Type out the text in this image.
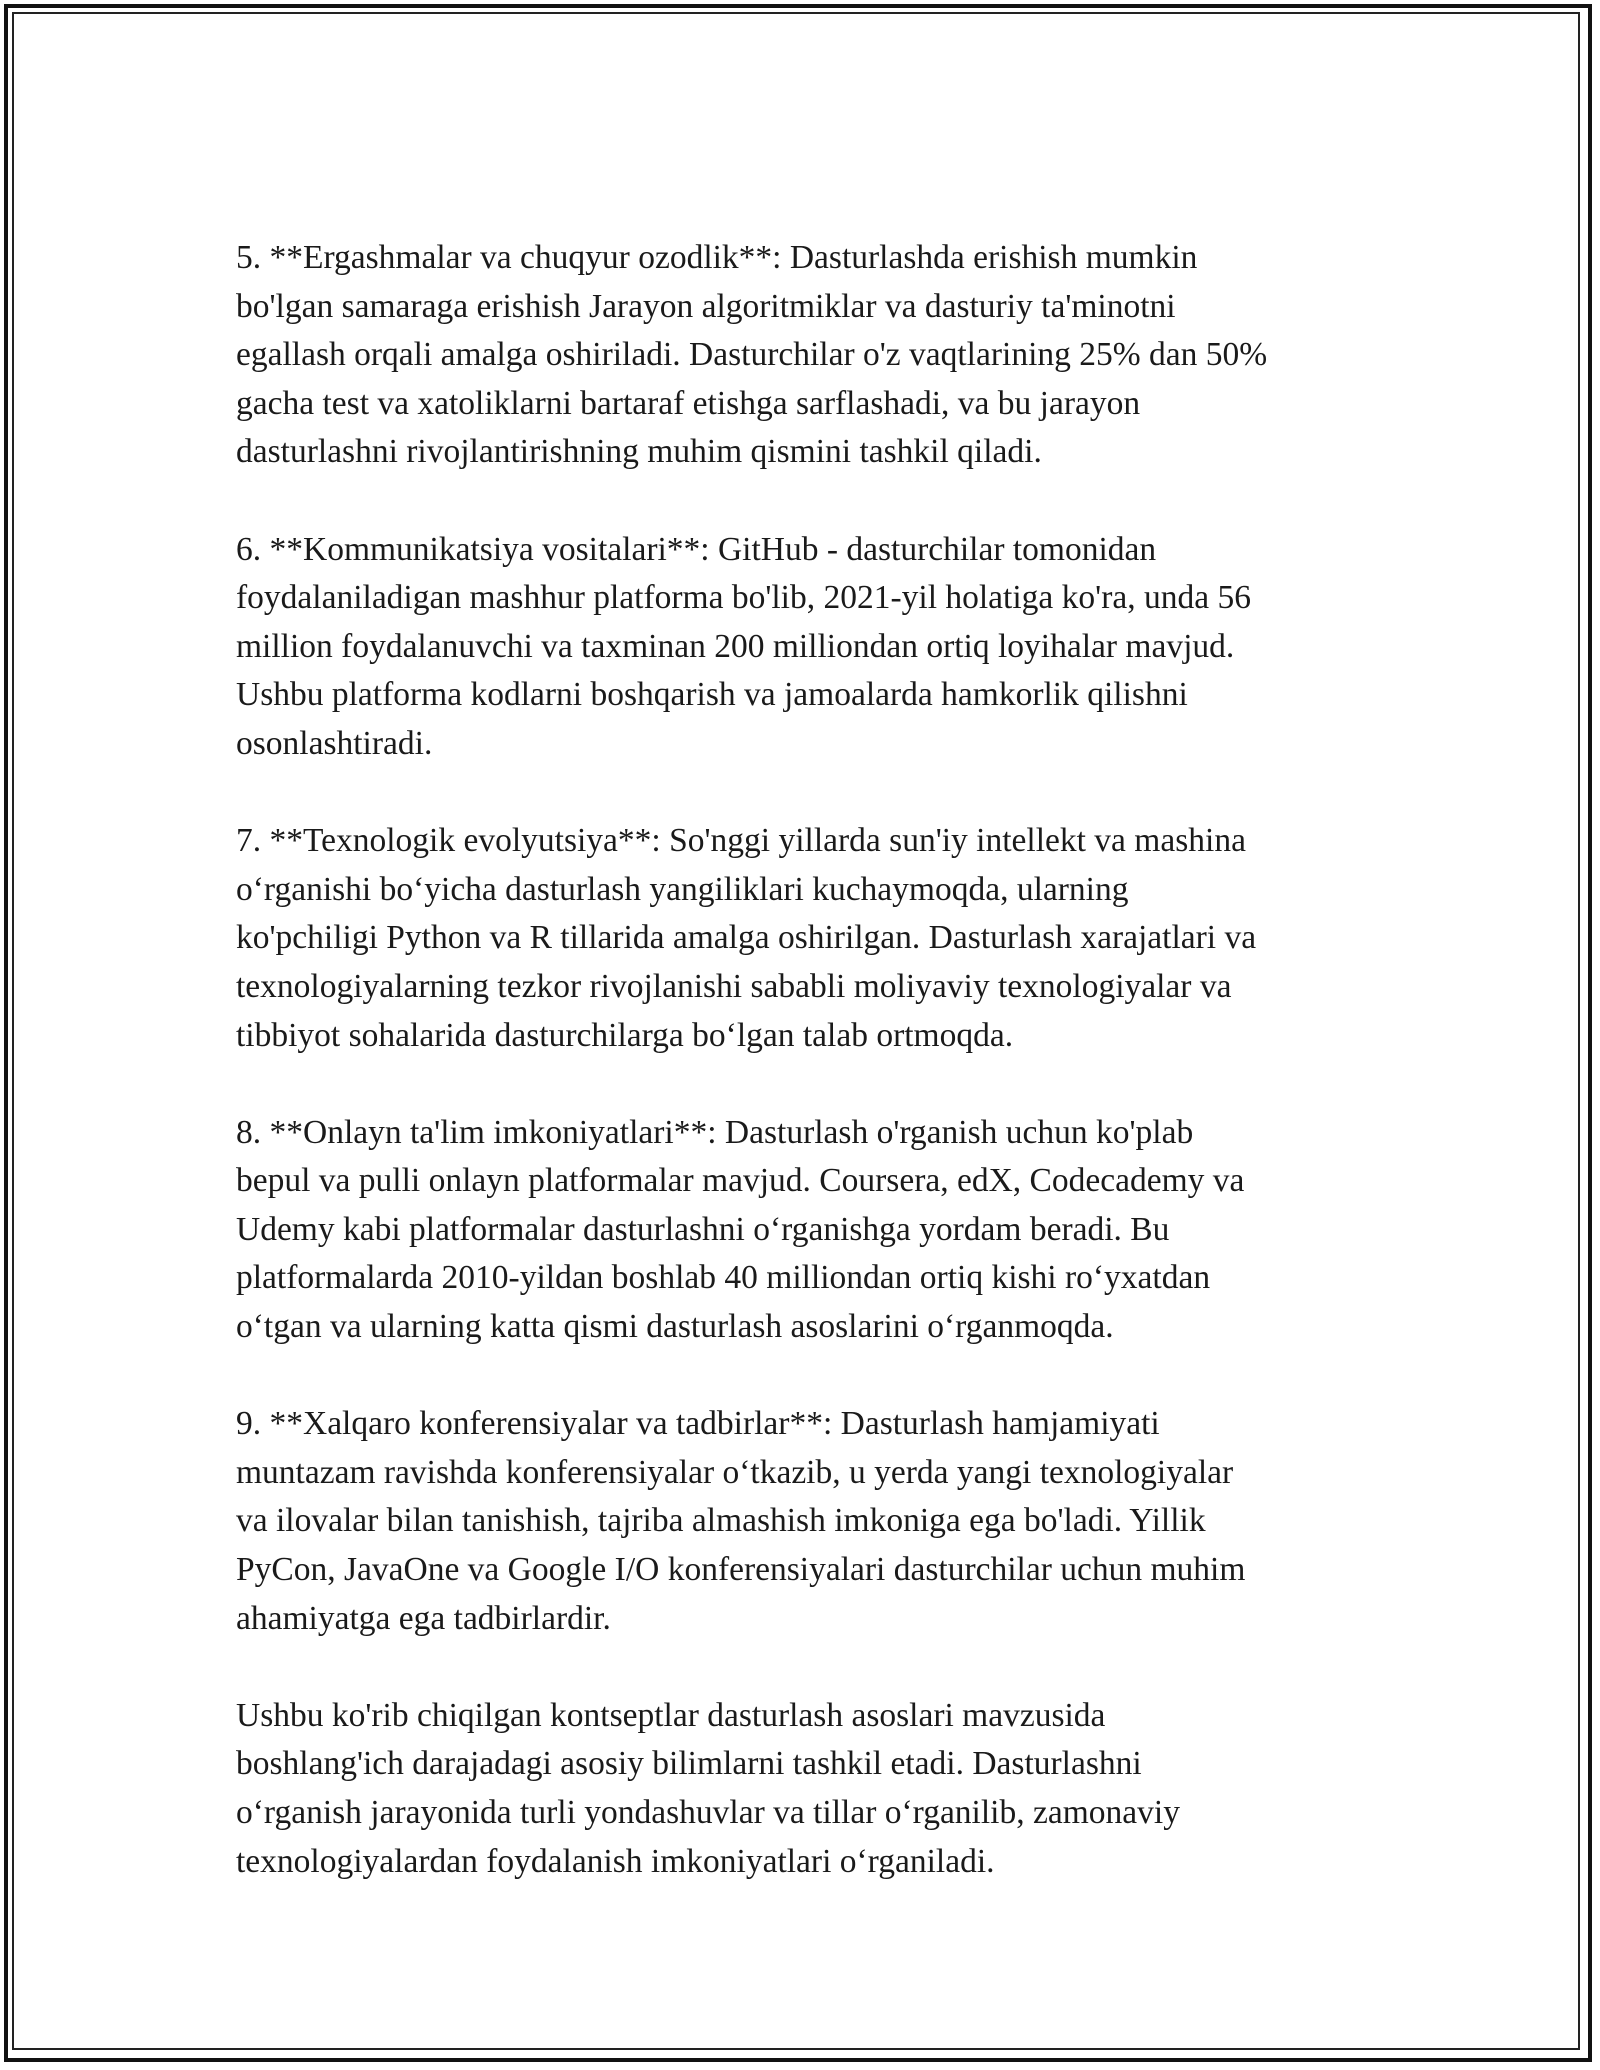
5. **Ergashmalar va chuqyur ozodlik**: Dasturlashda erishish mumkin
bo'lgan samaraga erishish Jarayon algoritmiklar va dasturiy ta'minotni
egallash orqali amalga oshiriladi. Dasturchilar o'z vaqtlarining 25% dan 50%
gacha test va xatoliklarni bartaraf etishga sarflashadi, va bu jarayon
dasturlashni rivojlantirishning muhim qismini tashkil qiladi.

6. **Kommunikatsiya vositalari**: GitHub - dasturchilar tomonidan
foydalaniladigan mashhur platforma bo'lib, 2021-yil holatiga ko'ra, unda 56
million foydalanuvchi va taxminan 200 milliondan ortiq loyihalar mavjud.
Ushbu platforma kodlarni boshqarish va jamoalarda hamkorlik qilishni
osonlashtiradi.

7. **Texnologik evolyutsiya**: So'nggi yillarda sun'iy intellekt va mashina
o‘rganishi bo‘yicha dasturlash yangiliklari kuchaymoqda, ularning
ko'pchiligi Python va R tillarida amalga oshirilgan. Dasturlash xarajatlari va
texnologiyalarning tezkor rivojlanishi sababli moliyaviy texnologiyalar va
tibbiyot sohalarida dasturchilarga bo‘lgan talab ortmoqda.

8. **Onlayn ta'lim imkoniyatlari**: Dasturlash o'rganish uchun ko'plab
bepul va pulli onlayn platformalar mavjud. Coursera, edX, Codecademy va
Udemy kabi platformalar dasturlashni o‘rganishga yordam beradi. Bu
platformalarda 2010-yildan boshlab 40 milliondan ortiq kishi ro‘yxatdan
o‘tgan va ularning katta qismi dasturlash asoslarini o‘rganmoqda.

9. **Xalqaro konferensiyalar va tadbirlar**: Dasturlash hamjamiyati
muntazam ravishda konferensiyalar o‘tkazib, u yerda yangi texnologiyalar
va ilovalar bilan tanishish, tajriba almashish imkoniga ega bo'ladi. Yillik
PyCon, JavaOne va Google I/O konferensiyalari dasturchilar uchun muhim
ahamiyatga ega tadbirlardir.

Ushbu ko'rib chiqilgan kontseptlar dasturlash asoslari mavzusida
boshlang'ich darajadagi asosiy bilimlarni tashkil etadi. Dasturlashni
o‘rganish jarayonida turli yondashuvlar va tillar o‘rganilib, zamonaviy
texnologiyalardan foydalanish imkoniyatlari o‘rganiladi.
